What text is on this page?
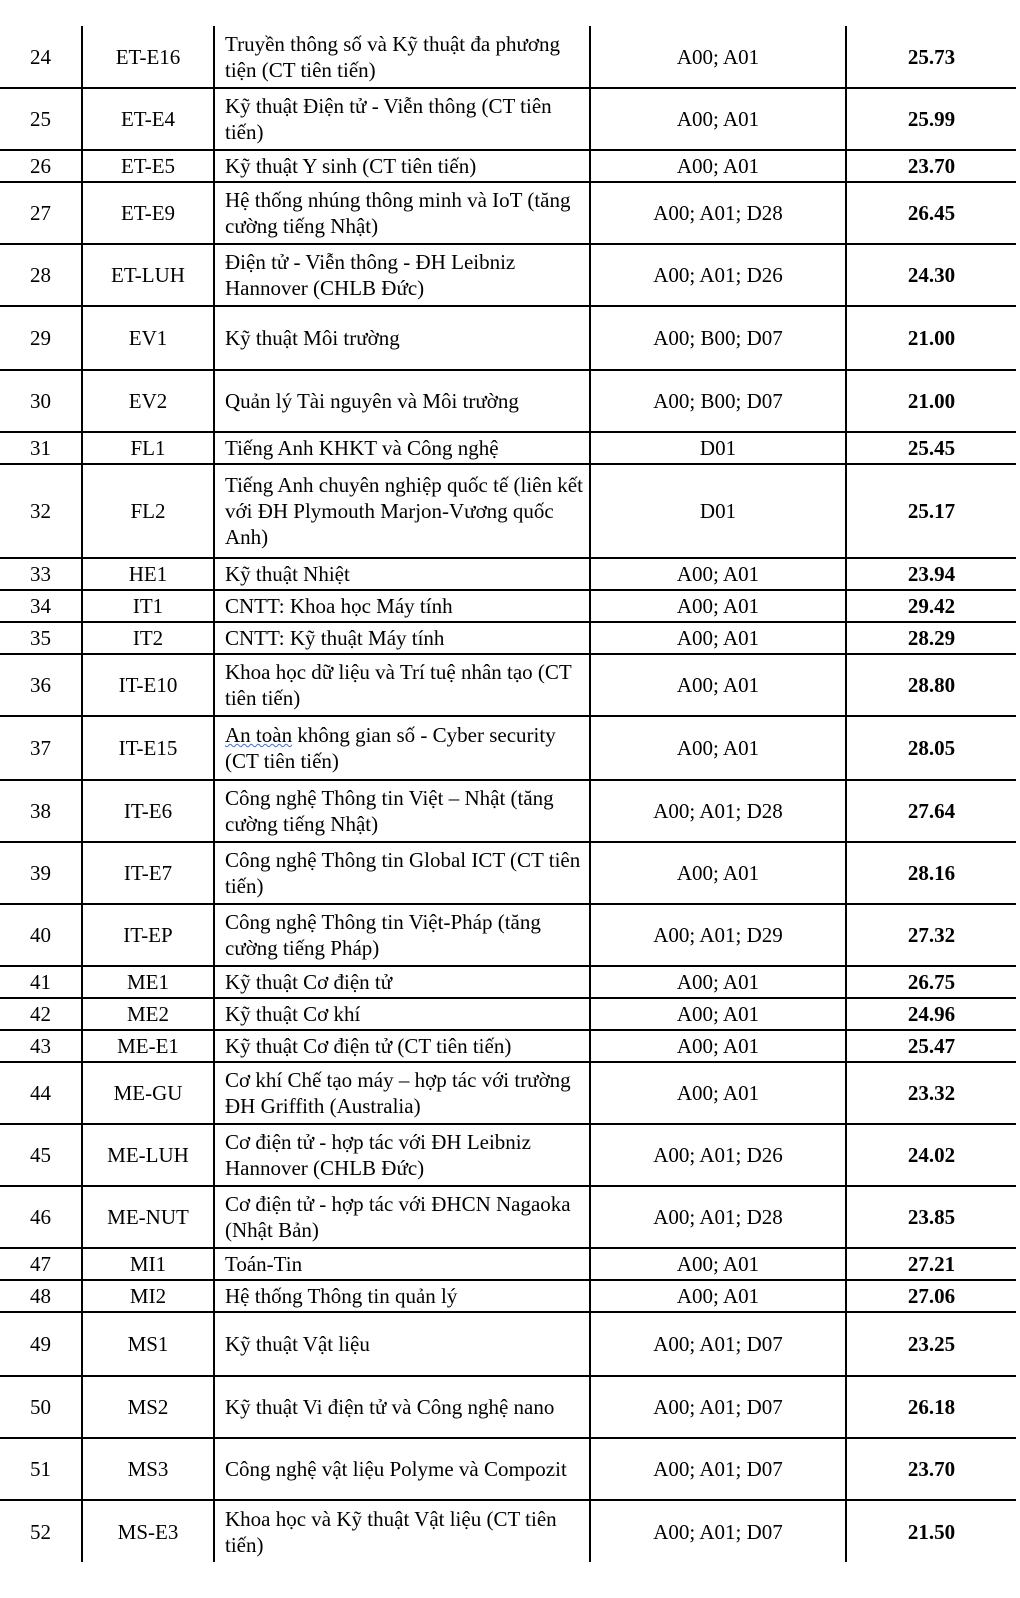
24	ET-E16	Truyền thông số và Kỹ thuật đa phương tiện (CT tiên tiến)	A00; A01	25.73
25	ET-E4	Kỹ thuật Điện tử - Viễn thông (CT tiên tiến)	A00; A01	25.99
26	ET-E5	Kỹ thuật Y sinh (CT tiên tiến)	A00; A01	23.70
27	ET-E9	Hệ thống nhúng thông minh và IoT (tăng cường tiếng Nhật)	A00; A01; D28	26.45
28	ET-LUH	Điện tử - Viễn thông - ĐH Leibniz Hannover (CHLB Đức)	A00; A01; D26	24.30
29	EV1	Kỹ thuật Môi trường	A00; B00; D07	21.00
30	EV2	Quản lý Tài nguyên và Môi trường	A00; B00; D07	21.00
31	FL1	Tiếng Anh KHKT và Công nghệ	D01	25.45
32	FL2	Tiếng Anh chuyên nghiệp quốc tế (liên kết với ĐH Plymouth Marjon-Vương quốc Anh)	D01	25.17
33	HE1	Kỹ thuật Nhiệt	A00; A01	23.94
34	IT1	CNTT: Khoa học Máy tính	A00; A01	29.42
35	IT2	CNTT: Kỹ thuật Máy tính	A00; A01	28.29
36	IT-E10	Khoa học dữ liệu và Trí tuệ nhân tạo (CT tiên tiến)	A00; A01	28.80
37	IT-E15	An toàn không gian số - Cyber security (CT tiên tiến)	A00; A01	28.05
38	IT-E6	Công nghệ Thông tin Việt – Nhật (tăng cường tiếng Nhật)	A00; A01; D28	27.64
39	IT-E7	Công nghệ Thông tin Global ICT (CT tiên tiến)	A00; A01	28.16
40	IT-EP	Công nghệ Thông tin Việt-Pháp (tăng cường tiếng Pháp)	A00; A01; D29	27.32
41	ME1	Kỹ thuật Cơ điện tử	A00; A01	26.75
42	ME2	Kỹ thuật Cơ khí	A00; A01	24.96
43	ME-E1	Kỹ thuật Cơ điện tử (CT tiên tiến)	A00; A01	25.47
44	ME-GU	Cơ khí Chế tạo máy – hợp tác với trường ĐH Griffith (Australia)	A00; A01	23.32
45	ME-LUH	Cơ điện tử - hợp tác với ĐH Leibniz Hannover (CHLB Đức)	A00; A01; D26	24.02
46	ME-NUT	Cơ điện tử - hợp tác với ĐHCN Nagaoka (Nhật Bản)	A00; A01; D28	23.85
47	MI1	Toán-Tin	A00; A01	27.21
48	MI2	Hệ thống Thông tin quản lý	A00; A01	27.06
49	MS1	Kỹ thuật Vật liệu	A00; A01; D07	23.25
50	MS2	Kỹ thuật Vi điện tử và Công nghệ nano	A00; A01; D07	26.18
51	MS3	Công nghệ vật liệu Polyme và Compozit	A00; A01; D07	23.70
52	MS-E3	Khoa học và Kỹ thuật Vật liệu (CT tiên tiến)	A00; A01; D07	21.50
